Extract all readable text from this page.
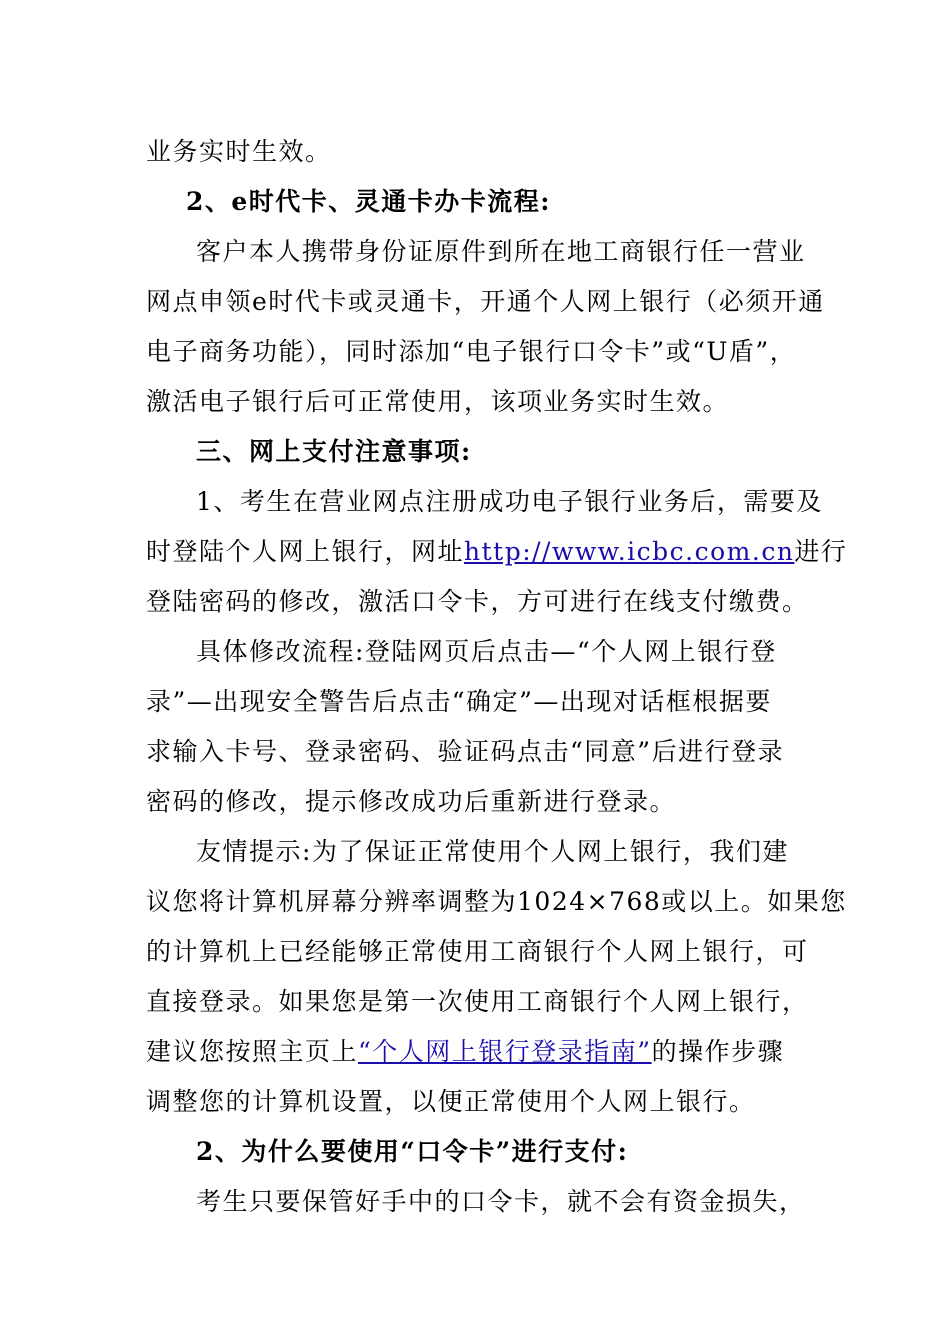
业务实时生效。
2、e时代卡、灵通卡办卡流程:
客户本人携带身份证原件到所在地工商银行任一营业
网点申领e时代卡或灵通卡，开通个人网上银行（必须开通
电子商务功能），同时添加“电子银行口令卡”或“U盾”，
激活电子银行后可正常使用，该项业务实时生效。
三、网上支付注意事项:
1、考生在营业网点注册成功电子银行业务后，需要及
时登陆个人网上银行，网址http://www.icbc.com.cn进行
登陆密码的修改，激活口令卡，方可进行在线支付缴费。
具体修改流程:登陆网页后点击—“个人网上银行登
录”—出现安全警告后点击“确定”—出现对话框根据要
求输入卡号、登录密码、验证码点击“同意”后进行登录
密码的修改，提示修改成功后重新进行登录。
友情提示:为了保证正常使用个人网上银行，我们建
议您将计算机屏幕分辨率调整为1024×768或以上。如果您
的计算机上已经能够正常使用工商银行个人网上银行，可
直接登录。如果您是第一次使用工商银行个人网上银行，
建议您按照主页上“个人网上银行登录指南”的操作步骤
调整您的计算机设置，以便正常使用个人网上银行。
2、为什么要使用“口令卡”进行支付:
考生只要保管好手中的口令卡，就不会有资金损失，
